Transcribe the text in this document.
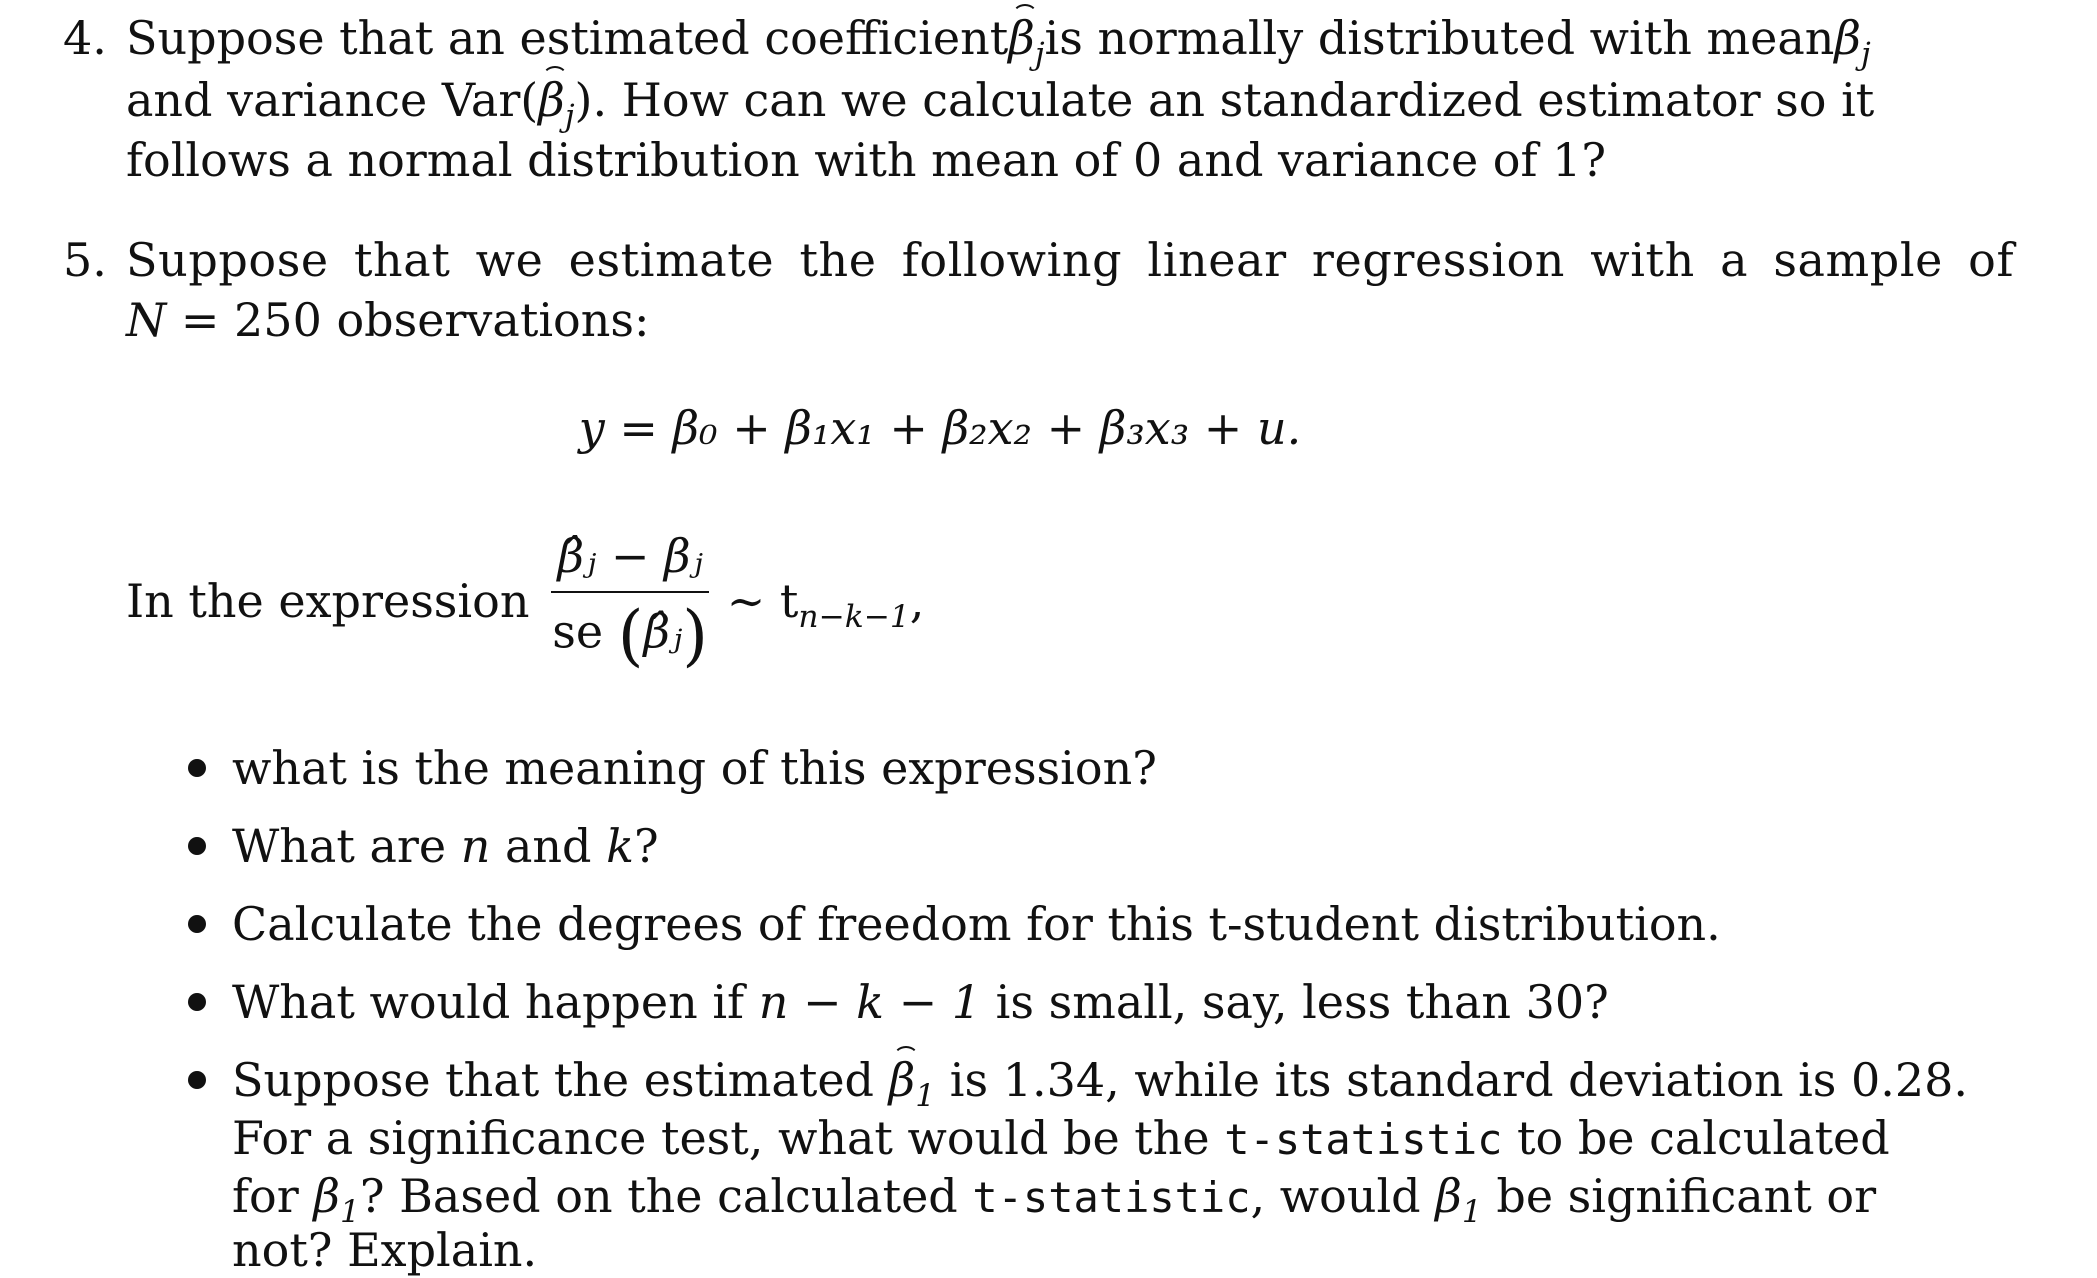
4. Suppose that an estimated coefficient $\beta_j$ is normally distributed with mean $\beta_j$
and variance $Var(\beta_j)$. How can we calculate an standardized estimator so it
follows a normal distribution with mean of 0 and variance of 1?
5. Suppose that we estimate the following linear regression with a sample of
N = 250 observations:
y = β₀ + β₁x₁ + β₂x₂ + β₃x₃ + u.
In the expression $\frac{\text{β̂ⱼ − βⱼ}}{\text{se (β̂ⱼ)}}$ ∼ $t_{n-k-1}$,
what is the meaning of this expression?
What are n and k?
Calculate the degrees of freedom for this t-student distribution.
What would happen if n − k − 1 is small, say, less than 30?
Suppose that the estimated $\beta_1$ is 1.34, while its standard deviation is 0.28.
For a significance test, what would be the t-statistic to be calculated
for $\beta_1$? Based on the calculated t-statistic, would $\beta_1$ be significant or
not? Explain.
